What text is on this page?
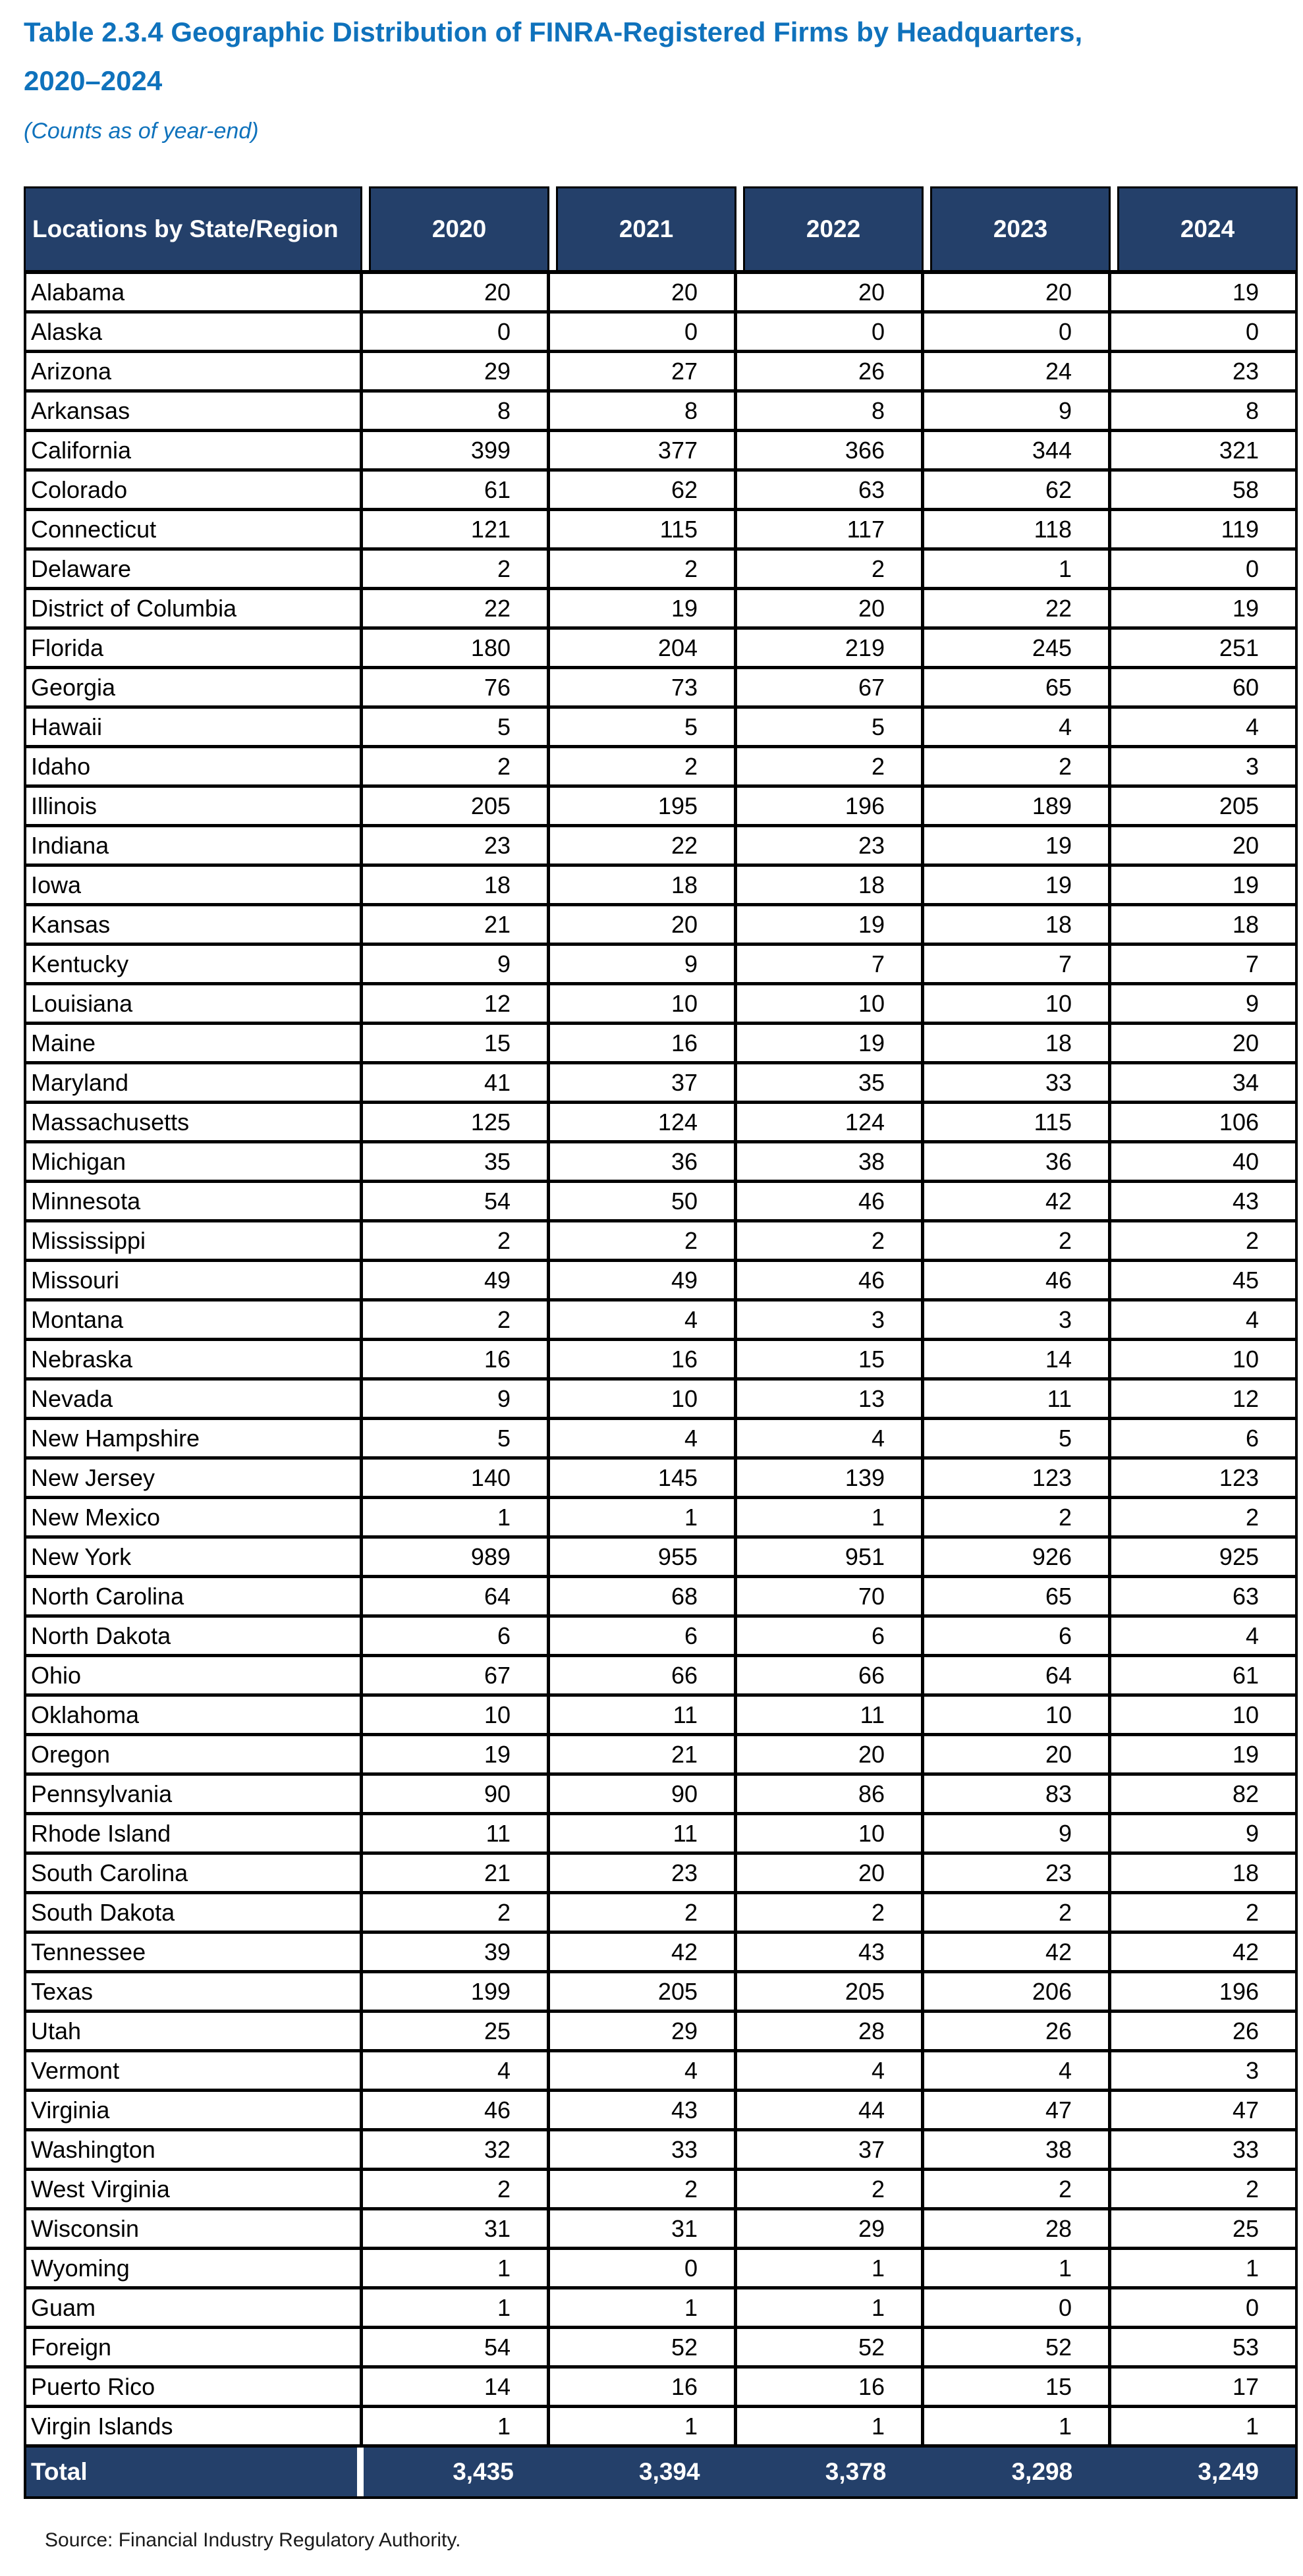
Table 2.3.4 Geographic Distribution of FINRA-Registered Firms by Headquarters,
2020–2024
(Counts as of year-end)
Locations by State/Region	2020	2021	2022	2023	2024
Alabama	20	20	20	20	19
Alaska	0	0	0	0	0
Arizona	29	27	26	24	23
Arkansas	8	8	8	9	8
California	399	377	366	344	321
Colorado	61	62	63	62	58
Connecticut	121	115	117	118	119
Delaware	2	2	2	1	0
District of Columbia	22	19	20	22	19
Florida	180	204	219	245	251
Georgia	76	73	67	65	60
Hawaii	5	5	5	4	4
Idaho	2	2	2	2	3
Illinois	205	195	196	189	205
Indiana	23	22	23	19	20
Iowa	18	18	18	19	19
Kansas	21	20	19	18	18
Kentucky	9	9	7	7	7
Louisiana	12	10	10	10	9
Maine	15	16	19	18	20
Maryland	41	37	35	33	34
Massachusetts	125	124	124	115	106
Michigan	35	36	38	36	40
Minnesota	54	50	46	42	43
Mississippi	2	2	2	2	2
Missouri	49	49	46	46	45
Montana	2	4	3	3	4
Nebraska	16	16	15	14	10
Nevada	9	10	13	11	12
New Hampshire	5	4	4	5	6
New Jersey	140	145	139	123	123
New Mexico	1	1	1	2	2
New York	989	955	951	926	925
North Carolina	64	68	70	65	63
North Dakota	6	6	6	6	4
Ohio	67	66	66	64	61
Oklahoma	10	11	11	10	10
Oregon	19	21	20	20	19
Pennsylvania	90	90	86	83	82
Rhode Island	11	11	10	9	9
South Carolina	21	23	20	23	18
South Dakota	2	2	2	2	2
Tennessee	39	42	43	42	42
Texas	199	205	205	206	196
Utah	25	29	28	26	26
Vermont	4	4	4	4	3
Virginia	46	43	44	47	47
Washington	32	33	37	38	33
West Virginia	2	2	2	2	2
Wisconsin	31	31	29	28	25
Wyoming	1	0	1	1	1
Guam	1	1	1	0	0
Foreign	54	52	52	52	53
Puerto Rico	14	16	16	15	17
Virgin Islands	1	1	1	1	1
Total	3,435	3,394	3,378	3,298	3,249
Source: Financial Industry Regulatory Authority.
